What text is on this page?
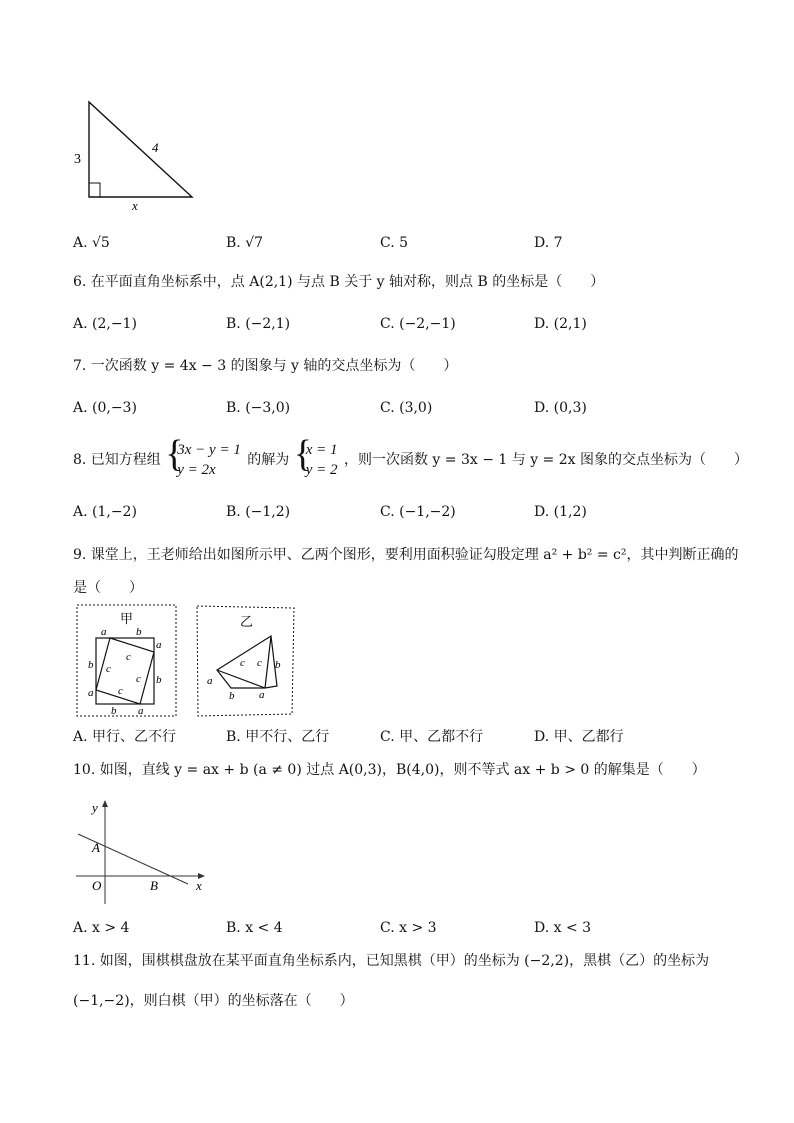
3
4
x
A. √5	B. √7	C. 5	D. 7
6. 在平面直角坐标系中，点 A(2,1) 与点 B 关于 y 轴对称，则点 B 的坐标是（　　）
A. (2,−1)	B. (−2,1)	C. (−2,−1)	D. (2,1)
7. 一次函数 y = 4x − 3 的图象与 y 轴的交点坐标为（　　）
A. (0,−3)	B. (−3,0)	C. (3,0)	D. (0,3)
8. 已知方程组
{ 3x − y = 1
y = 2x
的解为
{ x = 1
y = 2
，则一次函数 y = 3x − 1 与 y = 2x 图象的交点坐标为（　　）
A. (1,−2)	B. (−1,2)	C. (−1,−2)	D. (1,2)
9. 课堂上，王老师给出如图所示甲、乙两个图形，要利用面积验证勾股定理 a² + b² = c²，其中判断正确的
是（　　）
甲
a	b
a
b
b a
b
a
c
c
c
c
乙
c c
a
b
b a
A. 甲行、乙不行	B. 甲不行、乙行	C. 甲、乙都不行	D. 甲、乙都行
10. 如图，直线 y = ax + b (a ≠ 0) 过点 A(0,3)，B(4,0)，则不等式 ax + b > 0 的解集是（　　）
y
x
A
O	B
A. x > 4	B. x < 4	C. x > 3	D. x < 3
11. 如图，围棋棋盘放在某平面直角坐标系内，已知黑棋（甲）的坐标为 (−2,2)，黑棋（乙）的坐标为
(−1,−2)，则白棋（甲）的坐标落在（　　）
